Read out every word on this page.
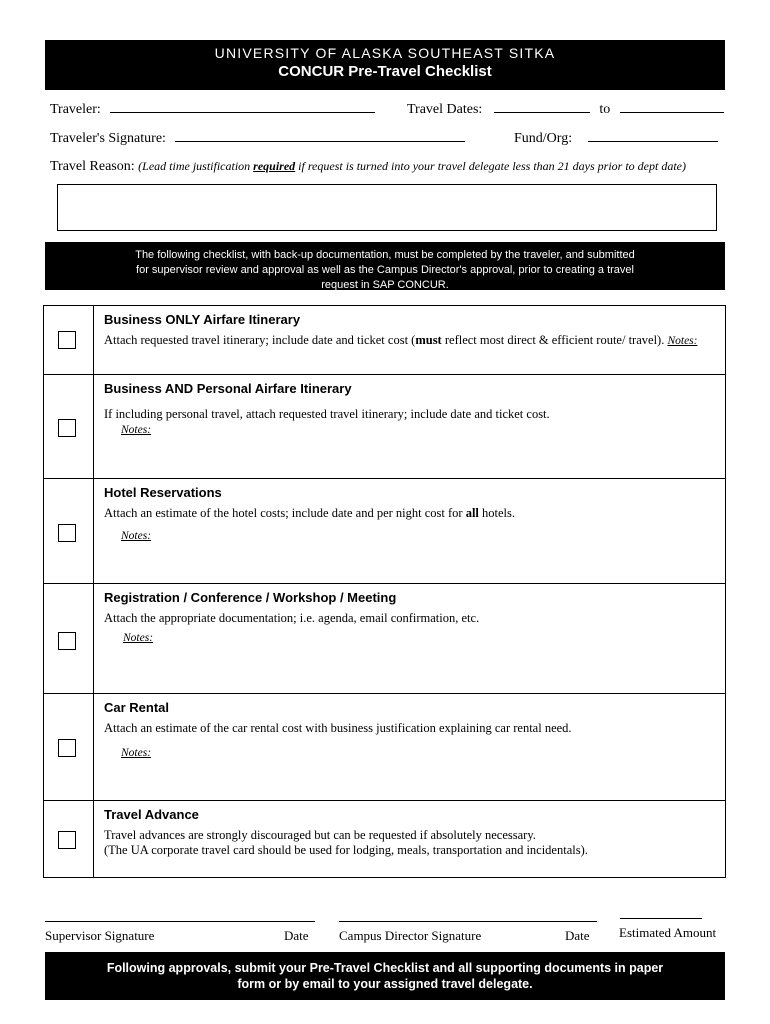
UNIVERSITY OF ALASKA SOUTHEAST SITKA
CONCUR Pre-Travel Checklist
Traveler:	Travel Dates:	to
Traveler's Signature:	Fund/Org:
Travel Reason: (Lead time justification required if request is turned into your travel delegate less than 21 days prior to dept date)
The following checklist, with back-up documentation, must be completed by the traveler, and submitted
for supervisor review and approval as well as the Campus Director's approval, prior to creating a travel
request in SAP CONCUR.
Business ONLY Airfare Itinerary
Attach requested travel itinerary; include date and ticket cost (must reflect most direct & efficient route/ travel). Notes:
Business AND Personal Airfare Itinerary
If including personal travel, attach requested travel itinerary; include date and ticket cost.
Notes:
Hotel Reservations
Attach an estimate of the hotel costs; include date and per night cost for all hotels.
Notes:
Registration / Conference / Workshop / Meeting
Attach the appropriate documentation; i.e. agenda, email confirmation, etc.
Notes:
Car Rental
Attach an estimate of the car rental cost with business justification explaining car rental need.
Notes:
Travel Advance
Travel advances are strongly discouraged but can be requested if absolutely necessary.
(The UA corporate travel card should be used for lodging, meals, transportation and incidentals).
Supervisor Signature	Date Campus Director Signature	Date Estimated Amount
Following approvals, submit your Pre-Travel Checklist and all supporting documents in paper
form or by email to your assigned travel delegate.
